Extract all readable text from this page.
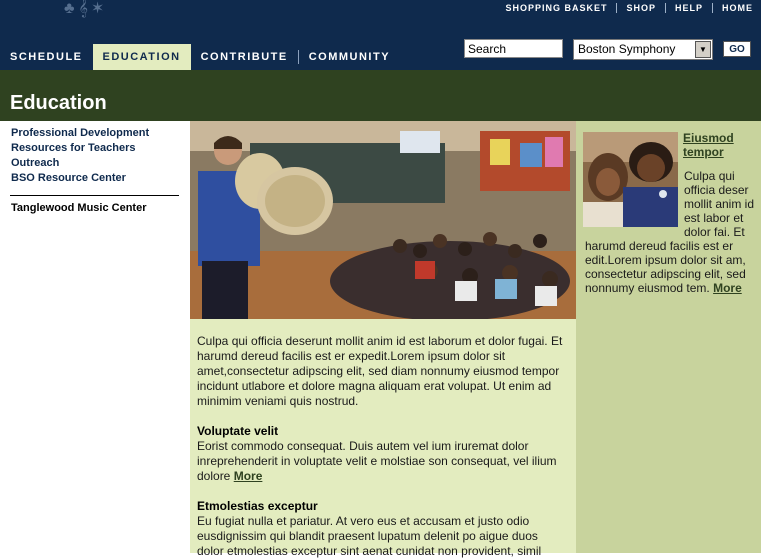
♣𝄞✶	SHOPPING BASKET SHOP HELP HOME
SCHEDULE	EDUCATION	CONTRIBUTE	COMMUNITY
Search
Boston Symphony	▼	GO
Education
Professional Development
Resources for Teachers
Outreach
BSO Resource Center
Tanglewood Music Center

Culpa qui officia deserunt mollit anim id est laborum et dolor fugai. Et harumd dereud facilis est er expedit.Lorem ipsum dolor sit amet,consectetur adipscing elit, sed diam nonnumy eiusmod tempor incidunt utlabore et dolore magna aliquam erat volupat. Ut enim ad minimim veniami quis nostrud.

Voluptate velit

Eorist commodo consequat. Duis autem vel ium iruremat dolor inreprehenderit in voluptate velit e molstiae son consequat, vel ilium dolore More

Etmolestias exceptur

Eu fugiat nulla et pariatur. At vero eus et accusam et justo odio eusdignissim qui blandit praesent lupatum delenit po aigue duos dolor etmolestias exceptur sint aenat cunidat non provident, simil

Eiusmod tempor
Culpa qui officia deser mollit anim id est labor et dolor fai. Et harumd dereud facilis est er edit.Lorem ipsum dolor sit am, consectetur adipscing elit, sed nonnumy eiusmod tem. More
